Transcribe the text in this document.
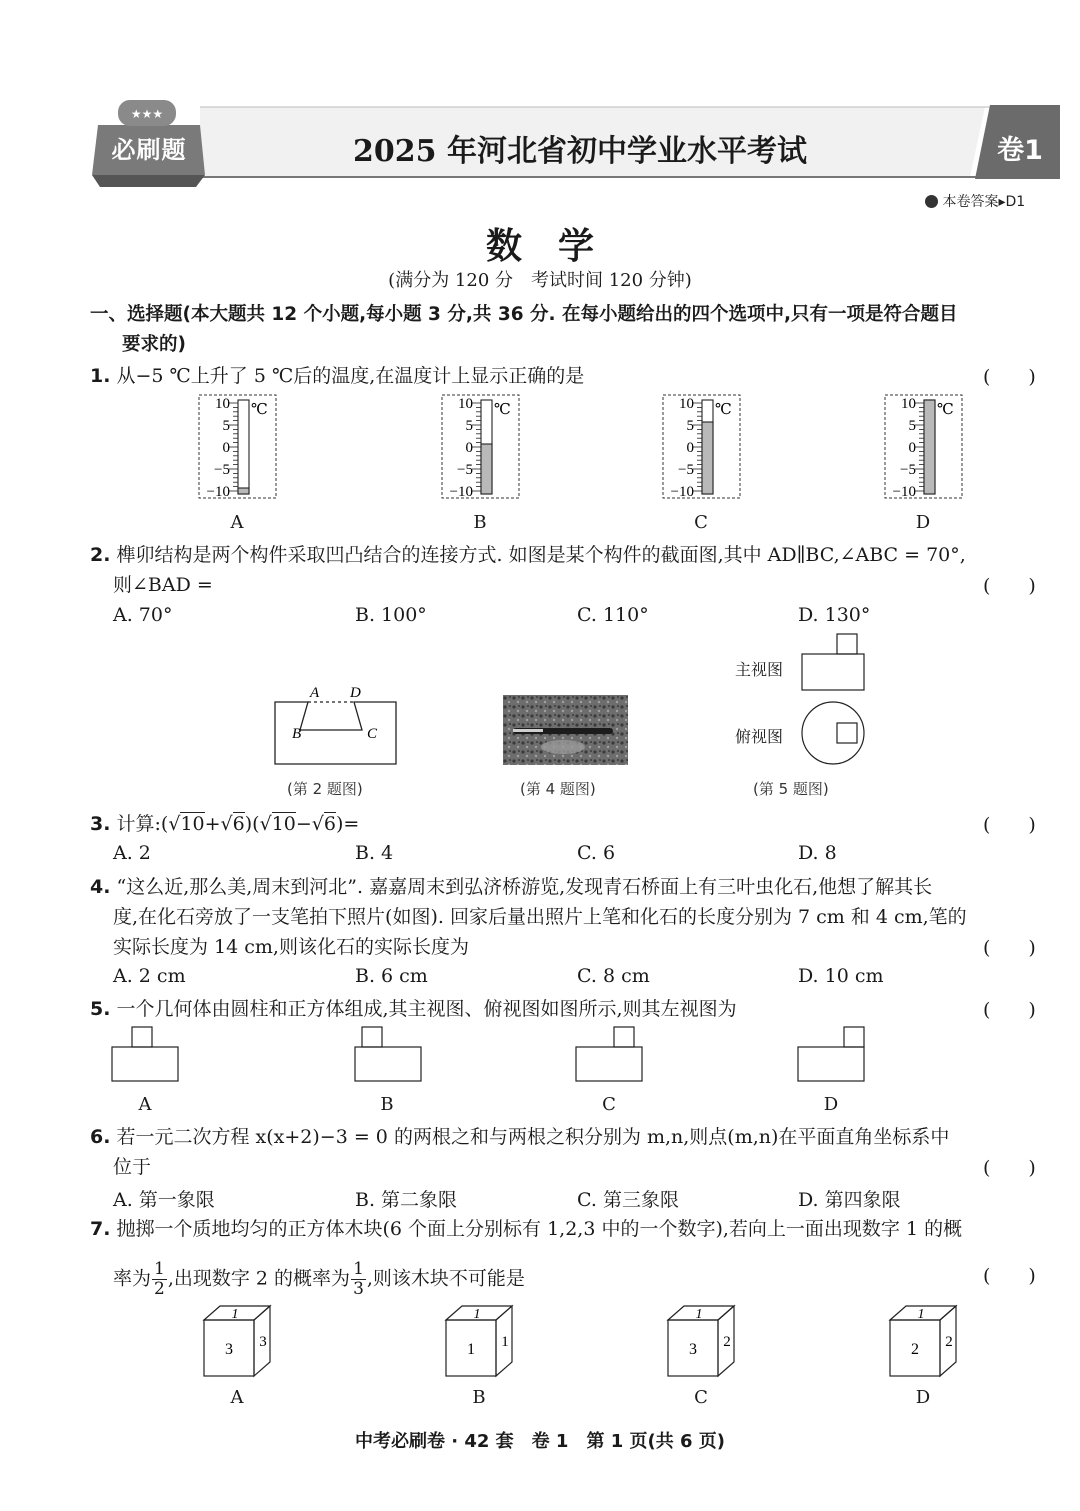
★★★
必刷题	2025 年河北省初中学业水平考试	卷1
本卷答案▸D1
数　学
(满分为 120 分　考试时间 120 分钟)
一、选择题(本大题共 12 个小题,每小题 3 分,共 36 分. 在每小题给出的四个选项中,只有一项是符合题目
要求的)
1. 从−5 ℃上升了 5 ℃后的温度,在温度计上显示正确的是	(　　)
10
5
0
−5
−10
℃
A
10
5
0
−5
−10
℃
B
10
5
0
−5
−10
℃
C
10
5
0
−5
−10
℃
D
2. 榫卯结构是两个构件采取凹凸结合的连接方式. 如图是某个构件的截面图,其中 AD∥BC,∠ABC = 70°,
则∠BAD =	(　　)
A. 70°	B. 100°	C. 110°	D. 130°
A D
B	C
(第 2 题图)	(第 4 题图)
主视图
俯视图
(第 5 题图)
3. 计算:(√10+√6)(√10−√6)=	(　　)
A. 2	B. 4	C. 6	D. 8
4. “这么近,那么美,周末到河北”. 嘉嘉周末到弘济桥游览,发现青石桥面上有三叶虫化石,他想了解其长
度,在化石旁放了一支笔拍下照片(如图). 回家后量出照片上笔和化石的长度分别为 7 cm 和 4 cm,笔的
实际长度为 14 cm,则该化石的实际长度为	(　　)
A. 2 cm	B. 6 cm	C. 8 cm	D. 10 cm
5. 一个几何体由圆柱和正方体组成,其主视图、俯视图如图所示,则其左视图为	(　　)
A	B	C	D
6. 若一元二次方程 x(x+2)−3 = 0 的两根之和与两根之积分别为 m,n,则点(m,n)在平面直角坐标系中
位于	(　　)
A. 第一象限	B. 第二象限	C. 第三象限	D. 第四象限
7. 抛掷一个质地均匀的正方体木块(6 个面上分别标有 1,2,3 中的一个数字),若向上一面出现数字 1 的概
率为 $\frac{1}{2}$ ,出现数字 2 的概率为 $\frac{1}{3}$ ,则该木块不可能是	(　　)
1
3 3
A
1
1 1
B
1
3 2
C
1
2 2
D
中考必刷卷 · 42 套　卷 1　第 1 页(共 6 页)
